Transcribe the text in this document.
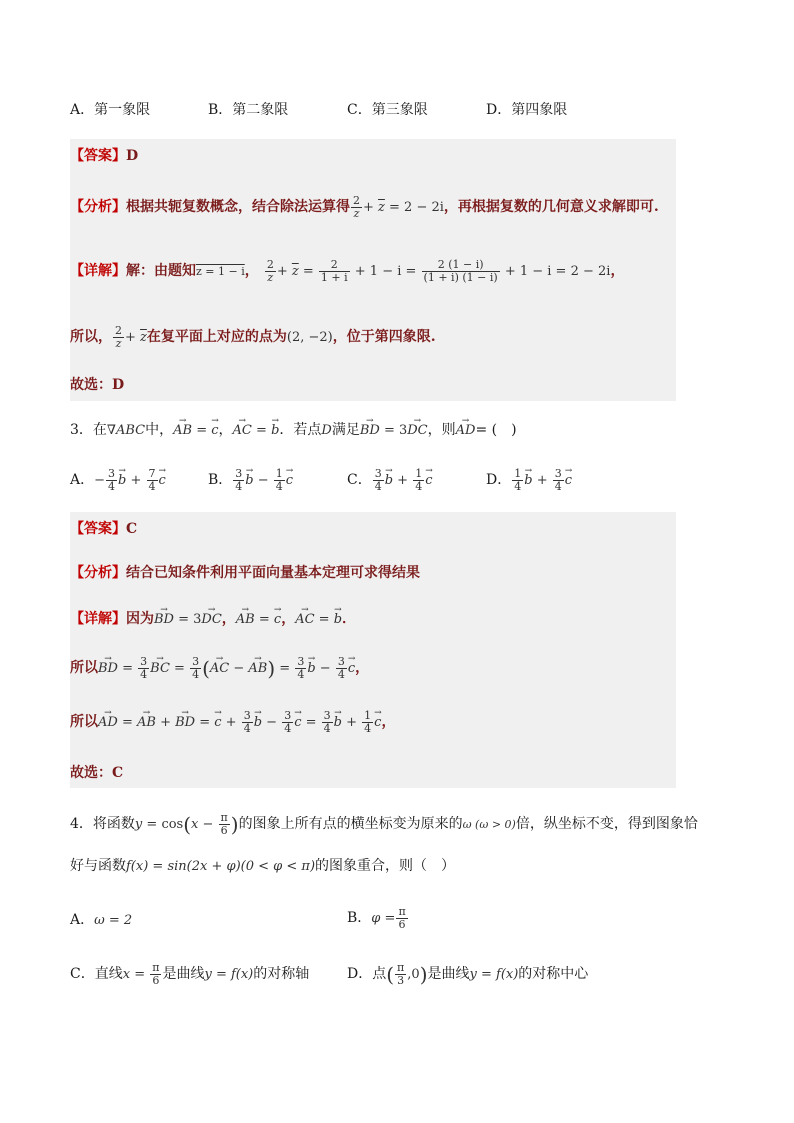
A．第一象限	B．第二象限	C．第三象限	D．第四象限
【答案】D
【分析】根据共轭复数概念，结合除法运算得 $\frac{2}{z} + \overline{z} = 2 - 2i$，再根据复数的几何意义求解即可.
【详解】解：由题知z = 1 − i， $\frac{2}{z} + \overline{z} = \frac{2}{1 + i} + 1 - i = \frac{2 (1 - i)}{(1 + i) (1 - i)} + 1 - i = 2 - 2i$，
所以， $\frac{2}{z} + \overline{z}$在复平面上对应的点为(2, −2)，位于第四象限.
故选：D
3．在∇ABC中，→ AB = → c，→ AC = → b．若点D满足→ BD = 3→ DC，则→ AD= (　)
A．− $\frac{3}{4} \to b + \frac{7}{4} \to c$	B． $\frac{3}{4} \to b - \frac{1}{4} \to c$	C． $\frac{3}{4} \to b + \frac{1}{4} \to c$	D． $\frac{1}{4} \to b + \frac{3}{4} \to c$
【答案】C
【分析】结合已知条件利用平面向量基本定理可求得结果
【详解】因为→ BD = 3→ DC，→ AB = → c，→ AC = → b．
所以→ BD = $\frac{3}{4}$ → BC = $\frac{3}{4}$ (→ AC − → $AB) = \frac{3}{4} \to b - \frac{3}{4} \to c$，
所以→ AD = → AB + → BD = → $c + \frac{3}{4} \to b - \frac{3}{4} \to c = \frac{3}{4} \to b + \frac{1}{4} \to c$，
故选：C
4．将函数$y = \cos(x - \frac{\pi}{6}$ )的图象上所有点的横坐标变为原来的ω (ω > 0)倍，纵坐标不变，得到图象恰
好与函数f(x) = sin(2x + φ)(0 < φ < π)的图象重合，则（　）
A．ω = 2	B．$\varphi = \frac{\pi}{6}$
C．直线$x = \frac{\pi}{6}$ 是曲线y = f(x)的对称轴	D．点( $\frac{\pi}{3} ,0$)是曲线y = f(x)的对称中心
